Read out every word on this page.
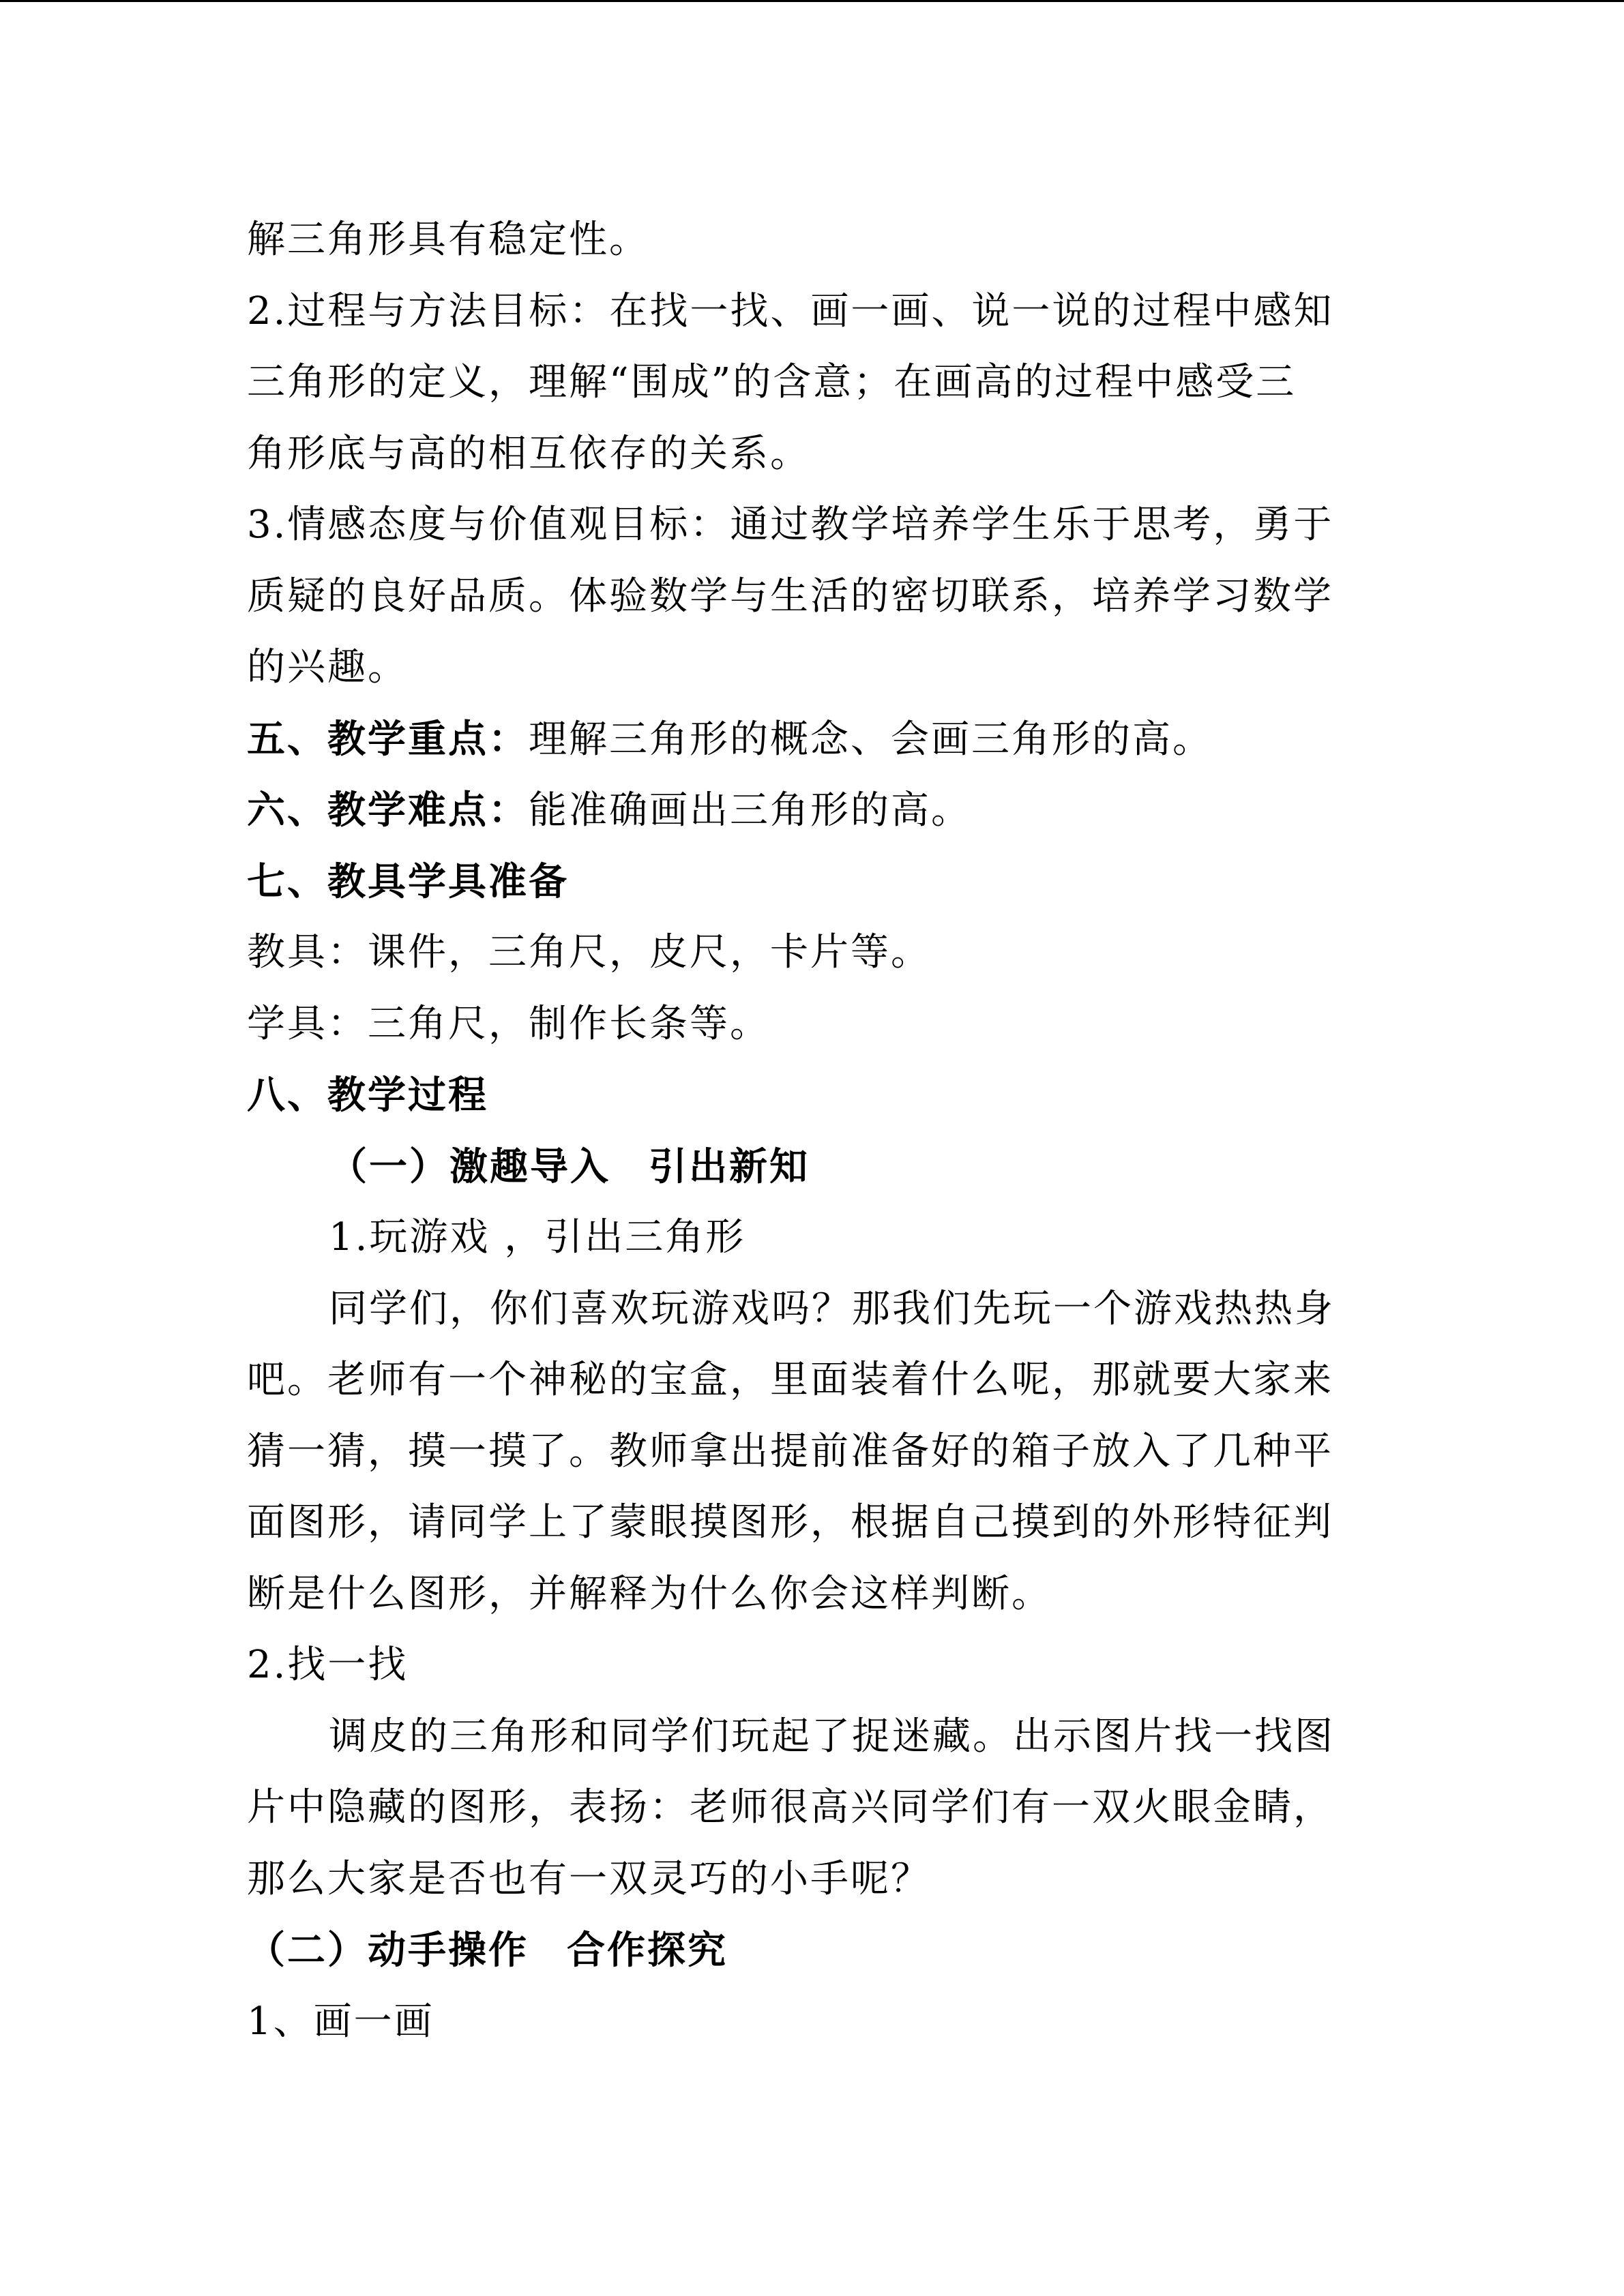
解三角形具有稳定性。

2.过程与方法目标：在找一找、画一画、说一说的过程中感知

三角形的定义，理解“围成”的含意；在画高的过程中感受三

角形底与高的相互依存的关系。

3.情感态度与价值观目标：通过教学培养学生乐于思考，勇于

质疑的良好品质。体验数学与生活的密切联系，培养学习数学

的兴趣。

五、教学重点：理解三角形的概念、会画三角形的高。

六、教学难点：能准确画出三角形的高。

七、教具学具准备

教具：课件，三角尺，皮尺，卡片等。

学具：三角尺，制作长条等。

八、教学过程

（一）激趣导入 引出新知

1.玩游戏 ，引出三角形

同学们，你们喜欢玩游戏吗？那我们先玩一个游戏热热身

吧。老师有一个神秘的宝盒，里面装着什么呢，那就要大家来

猜一猜，摸一摸了。教师拿出提前准备好的箱子放入了几种平

面图形，请同学上了蒙眼摸图形，根据自己摸到的外形特征判

断是什么图形，并解释为什么你会这样判断。

2.找一找

调皮的三角形和同学们玩起了捉迷藏。出示图片找一找图

片中隐藏的图形，表扬：老师很高兴同学们有一双火眼金睛，

那么大家是否也有一双灵巧的小手呢？

（二）动手操作 合作探究

1、画一画
